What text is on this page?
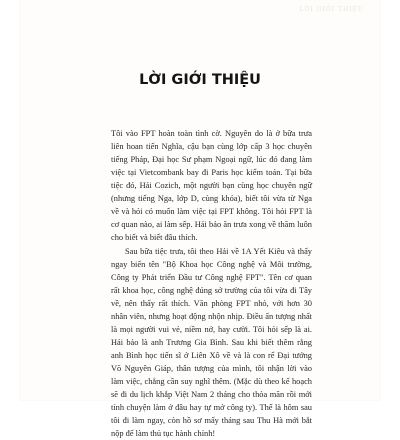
LỜI GIỚI THIỆU
LỜI GIỚI THIỆU

Tôi vào FPT hoàn toàn tình cờ. Nguyên do là ở bữa trưa liên hoan tiến Nghĩa, cậu bạn cùng lớp cấp 3 học chuyên tiếng Pháp, Đại học Sư phạm Ngoại ngữ, lúc đó đang làm việc tại Vietcombank bay đi Paris học kiểm toán. Tại bữa tiệc đó, Hải Cozich, một người bạn cùng học chuyên ngữ (nhưng tiếng Nga, lớp D, cùng khóa), biết tôi vừa từ Nga về và hỏi có muốn làm việc tại FPT không. Tôi hỏi FPT là cơ quan nào, ai làm sếp. Hải bảo ăn trưa xong về thăm luôn cho biết và biết đâu thích.

Sau bữa tiệc trưa, tôi theo Hải về 1A Yết Kiêu và thấy ngay biển tên "Bộ Khoa học Công nghệ và Môi trường, Công ty Phát triển Đầu tư Công nghệ FPT". Tên cơ quan rất khoa học, công nghệ đúng sở trường của tôi vừa đi Tây về, nên thấy rất thích. Văn phòng FPT nhỏ, với hơn 30 nhân viên, nhưng hoạt động nhộn nhịp. Điều ấn tượng nhất là mọi người vui vẻ, niềm nở, hay cười. Tôi hỏi sếp là ai. Hải bảo là anh Trương Gia Bình. Sau khi biết thêm rằng anh Bình học tiến sĩ ở Liên Xô về và là con rể Đại tướng Võ Nguyên Giáp, thân tượng của mình, tôi nhận lời vào làm việc, chẳng cần suy nghĩ thêm. (Mặc dù theo kế hoạch sẽ đi du lịch khắp Việt Nam 2 tháng cho thỏa mãn rồi mới tính chuyện làm ở đâu hay tự mở công ty). Thế là hôm sau tôi đi làm ngay, còn hồ sơ mấy tháng sau Thu Hà mới bắt nộp để làm thủ tục hành chính!
